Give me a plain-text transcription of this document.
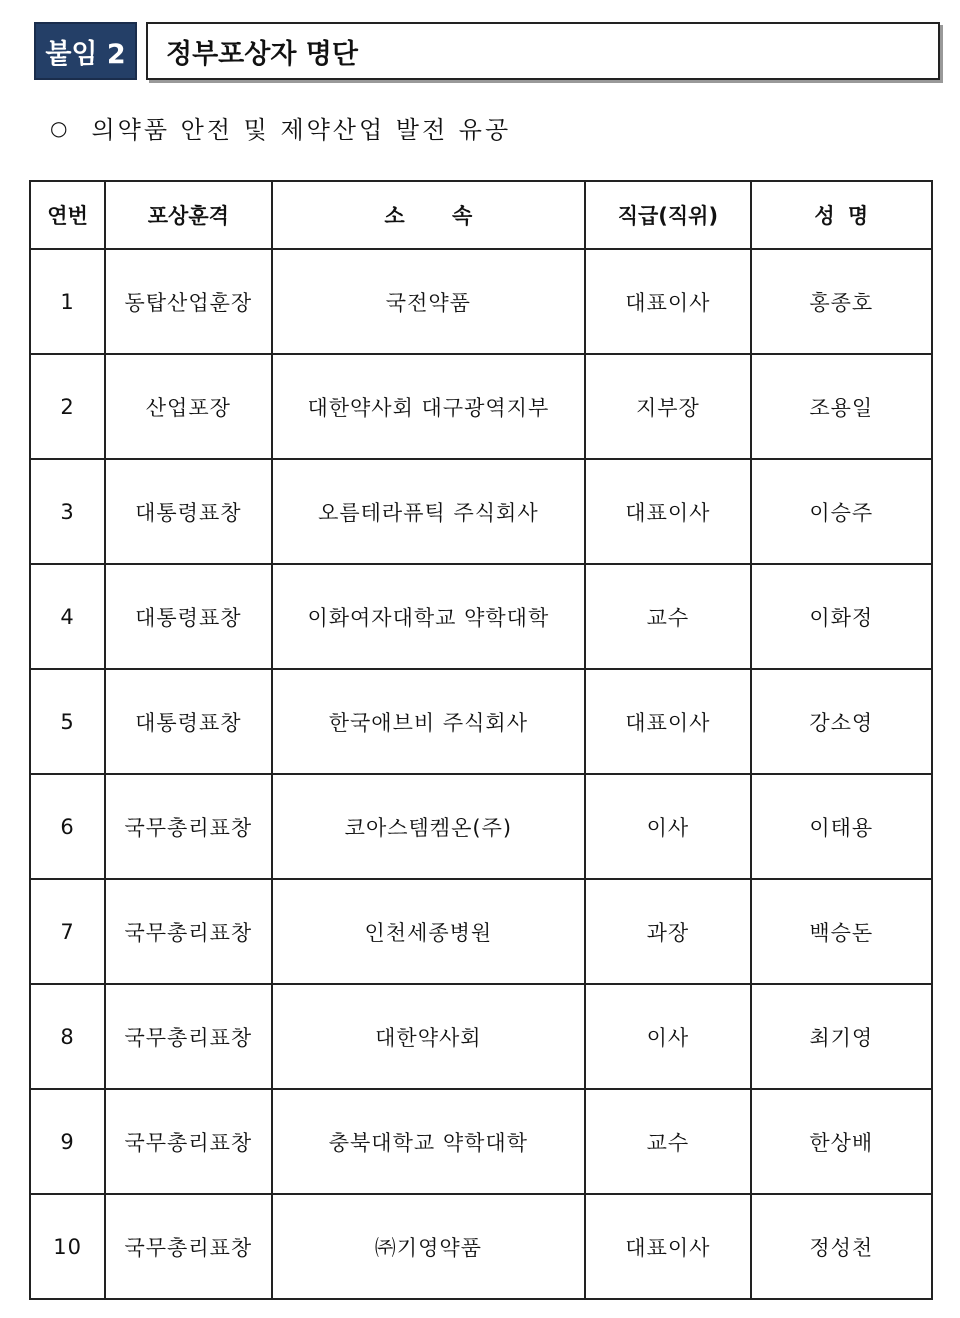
붙임 2	정부포상자 명단
○ 의약품 안전 및 제약산업 발전 유공
연번	포상훈격	소 속	직급(직위)	성 명
1	동탑산업훈장	국전약품	대표이사	홍종호
2	산업포장	대한약사회 대구광역지부	지부장	조용일
3	대통령표창	오름테라퓨틱 주식회사	대표이사	이승주
4	대통령표창	이화여자대학교 약학대학	교수	이화정
5	대통령표창	한국애브비 주식회사	대표이사	강소영
6	국무총리표창	코아스템켐온(주)	이사	이태용
7	국무총리표창	인천세종병원	과장	백승돈
8	국무총리표창	대한약사회	이사	최기영
9	국무총리표창	충북대학교 약학대학	교수	한상배
10	국무총리표창	㈜기영약품	대표이사	정성천
